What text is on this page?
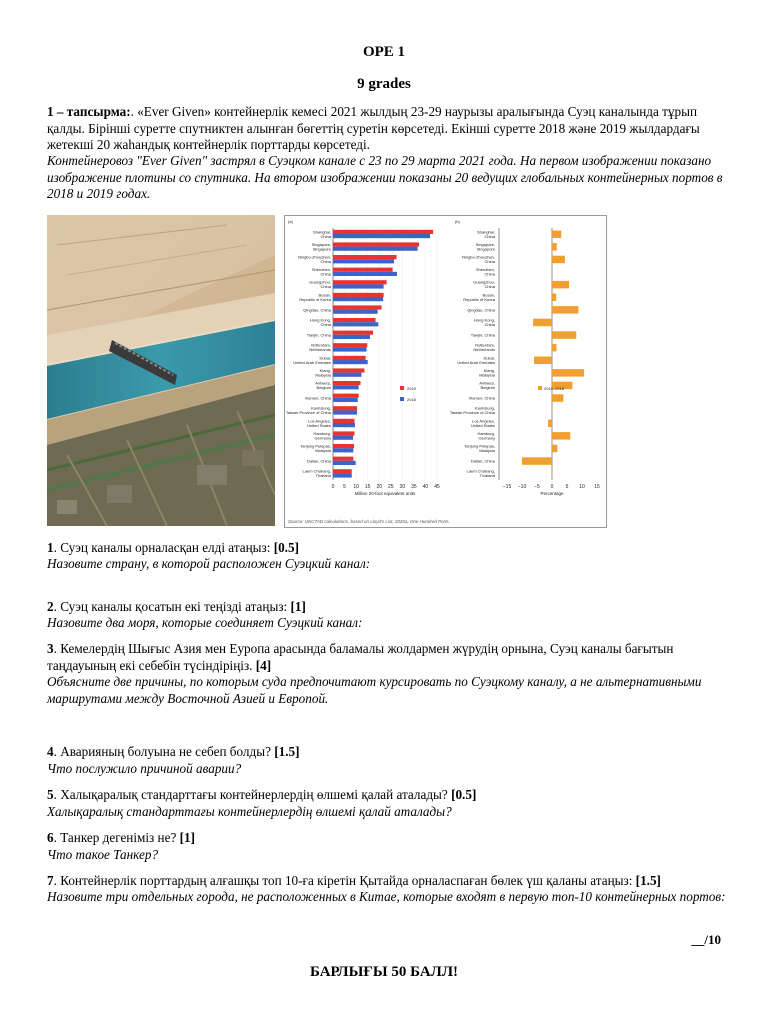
ОРЕ 1
9 grades
1 – тапсырма:. «Ever Given» контейнерлік кемесі 2021 жылдың 23-29 наурызы аралығында Суэц каналында тұрып қалды. Бірінші суретте спутниктен алынған бөгеттің суретін көрсетеді. Екінші суретте 2018 және 2019 жылдардағы жетекші 20 жаһандық контейнерлік порттарды көрсетеді.
Контейнеровоз "Ever Given" застрял в Суэцком канале с 23 по 29 марта 2021 года. На первом изображении показано изображение плотины со спутника. На втором изображении показаны 20 ведущих глобальных контейнерных портов в 2018 и 2019 годах.
(a)
Shanghai,
China
Singapore,
Singapore
Ningbo-Zhoushan,
China
Shenzhen,
China
Guangzhou,
China
Busan,
Republic of Korea
Qingdao, China
Hong Kong,
China
Tianjin, China
Rotterdam,
Netherlands
Dubai,
United Arab Emirates
Klang,
Malaysia
Antwerp,
Belgium
Xiamen, China
Kaohsiung,
Taiwan Province of China
Los Angeles,
United States
Hamburg,
Germany
Tanjung Pelepas,
Malaysia
Dalian, China
Laem Chabang,
Thailand
0 5 10 15 20 25 30 35 40 45
Million 20-foot equivalent units
2019
2018
(b)
Shanghai,
China
Singapore,
Singapore
Ningbo-Zhoushan,
China
Shenzhen,
China
Guangzhou,
China
Busan,
Republic of Korea
Qingdao, China
Hong Kong,
China
Tianjin, China
Rotterdam,
Netherlands
Dubai,
United Arab Emirates
Klang,
Malaysia
Antwerp,
Belgium
Xiamen, China
Kaohsiung,
Taiwan Province of China
Los Angeles,
United States
Hamburg,
Germany
Tanjung Pelepas,
Malaysia
Dalian, China
Laem Chabang,
Thailand
−15 −10 −5 0 5 10 15
Percentage
2019–2018
Source: UNCTAD calculations, based on Lloyd's List, 2020a, One Hundred Ports.
1. Суэц каналы орналасқан елді атаңыз: [0.5]
Назовите страну, в которой расположен Суэцкий канал:
2. Суэц каналы қосатын екі теңізді атаңыз: [1]
Назовите два моря, которые соединяет Суэцкий канал:
3. Кемелердің Шығыс Азия мен Еуропа арасында баламалы жолдармен жүрудің орнына, Суэц каналы бағытын таңдауының екі себебін түсіндіріңіз. [4]
Объясните две причины, по которым суда предпочитают курсировать по Суэцкому каналу, а не альтернативными маршрутами между Восточной Азией и Европой.
4. Аварияның болуына не себеп болды? [1.5]
Что послужило причиной аварии?
5. Халықаралық стандарттағы контейнерлердің өлшемі қалай аталады? [0.5]
Халықаралық стандарттағы контейнерлердің өлшемі қалай аталады?
6. Танкер дегеніміз не? [1]
Что такое Танкер?
7. Контейнерлік порттардың алғашқы топ 10-ға кіретін Қытайда орналаспаған бөлек үш қаланы атаңыз: [1.5]
Назовите три отдельных города, не расположенных в Китае, которые входят в первую топ-10 контейнерных портов:
__/10
БАРЛЫҒЫ 50 БАЛЛ!
